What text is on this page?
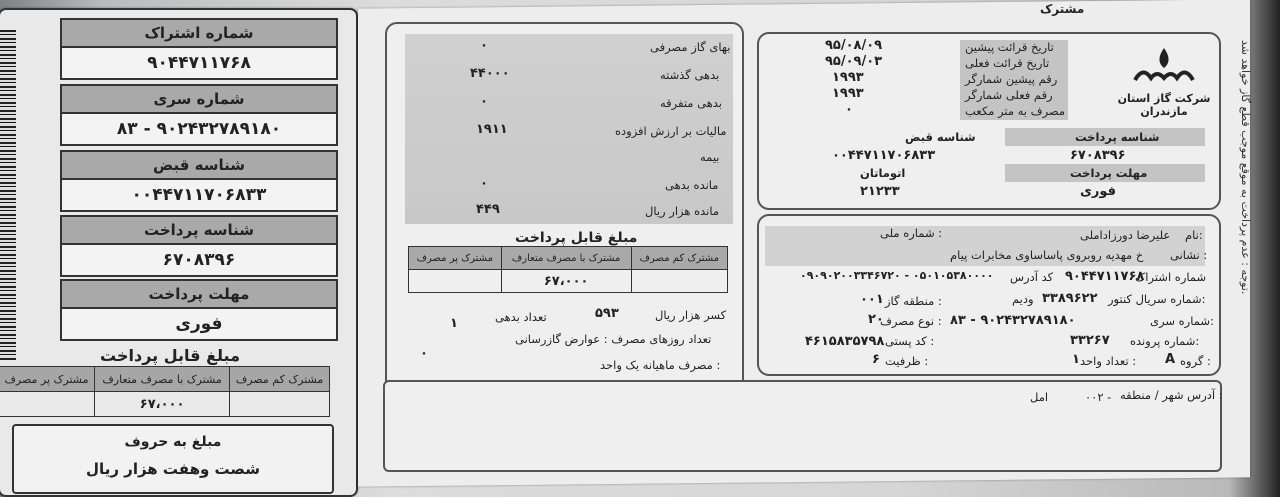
شماره اشتراک
۹۰۴۴۷۱۱۷۶۸
شماره سری
۸۳ - ۹۰۲۴۳۲۷۸۹۱۸۰
شناسه قبض
۰۰۴۴۷۱۱۷۰۶۸۳۳
شناسه پرداخت
۶۷۰۸۳۹۶
مهلت پرداخت
فوری
مبلغ قابل پرداخت
مشترک پر مصرف	مشترک با مصرف متعارف	مشترک کم مصرف
	۶۷،۰۰۰	
مبلغ به حروف
شصت وهفت هزار ریال
مشترک
شرکت گاز استان مازندران
تاریخ قرائت پیشین
۹۵/۰۸/۰۹
تاریخ قرائت فعلی
۹۵/۰۹/۰۳
رقم پیشین شمارگر
۱۹۹۳
رقم فعلی شمارگر
۱۹۹۳
مصرف به متر مکعب
۰
شناسه پرداخت
شناسه قبض
۶۷۰۸۳۹۶
۰۰۴۴۷۱۱۷۰۶۸۳۳
مهلت پرداخت
اتوماتان
فوری
۲۱۲۳۳
بهای گاز مصرفی
۰
بدهی گذشته
۴۴۰۰۰
بدهی متفرقه
۰
مالیات بر ارزش افزوده
۱۹۱۱
بیمه
مانده بدهی
۰
مانده هزار ریال
۴۴۹
مبلغ قابل پرداخت
مشترک پر مصرف	مشترک با مصرف متعارف	مشترک کم مصرف
	۶۷،۰۰۰	
کسر هزار ریال
۵۹۳
تعداد بدهی
۱
تعداد روزهای مصرف : عوارض گازرسانی
۰
مصرف ماهیانه یک واحد :
نام:
علیرضا دورزاداملی
شماره ملی :
نشانی :
خ مهدیه روبروی پاساساوی مخابرات پیام
شماره اشتراک
۹۰۴۴۷۱۱۷۶۸
کد آدرس
۰۹۰۹۰۲۰۰۳۳۴۶۷۲۰ - ۰۵۰۱۰۵۳۸۰۰۰۰
شماره سریال کنتور:
۳۳۸۹۶۲۲
ودیم
منطقه گاز :
۰۰۱
شماره سری:
۸۳ - ۹۰۲۴۳۲۷۸۹۱۸۰
نوع مصرف :
۲۰
شماره پرونده:
۳۳۲۶۷
کد پستی :
۴۶۱۵۸۳۵۷۹۸
گروه :
A
تعداد واحد :
۱
ظرفیت :
۶
آدرس شهر / منطقه :
۰۰۲ -
امل
توجه : عدم پرداخت به موقع موجب قطع گاز خواهد شد.
